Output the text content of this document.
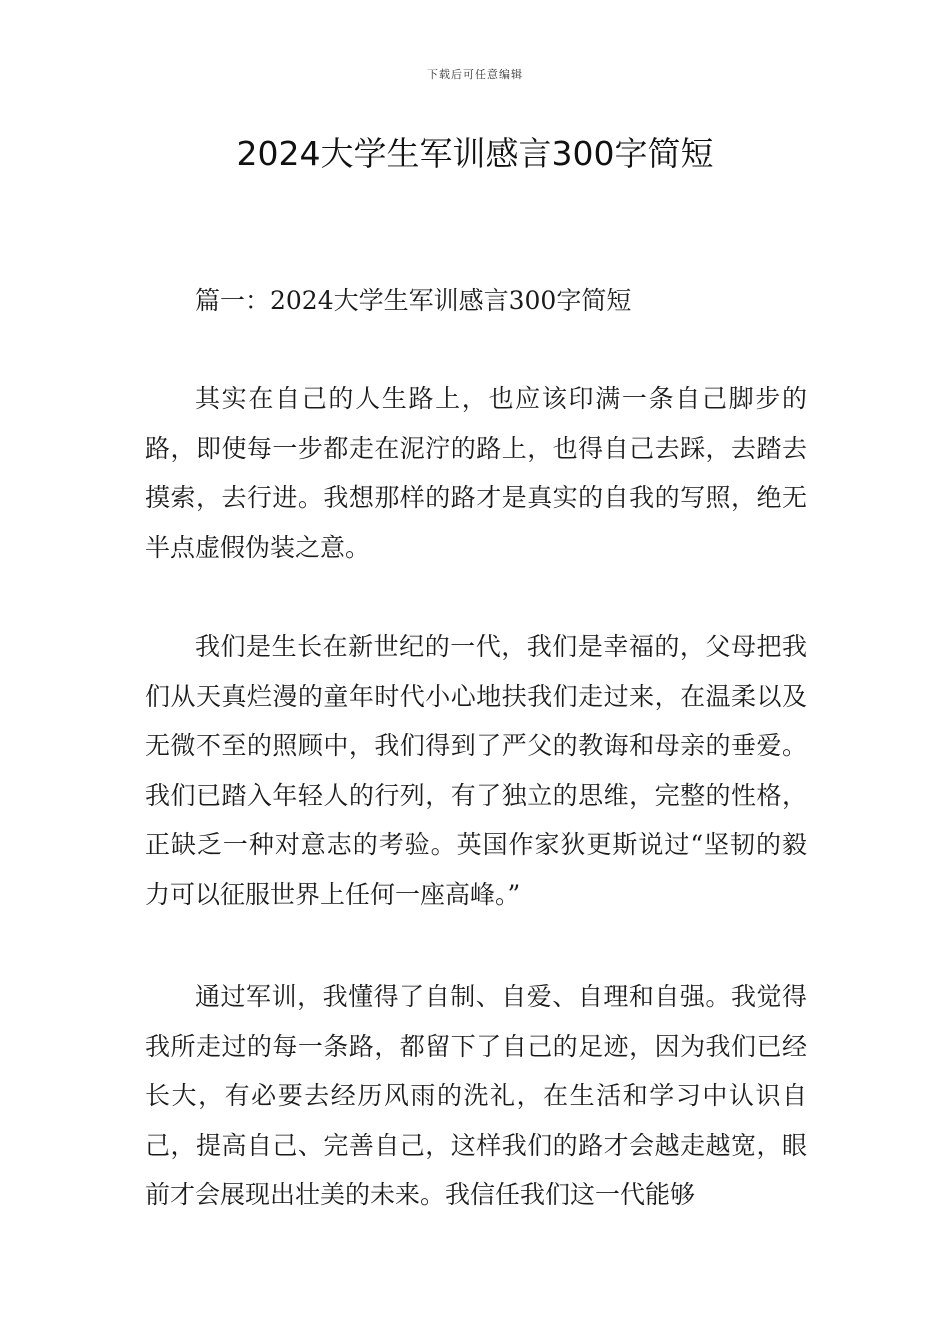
下载后可任意编辑
2024大学生军训感言300字简短

篇一：2024大学生军训感言300字简短

其实在自己的人生路上，也应该印满一条自己脚步的路，即使每一步都走在泥泞的路上，也得自己去踩，去踏去摸索，去行进。我想那样的路才是真实的自我的写照，绝无半点虚假伪装之意。

我们是生长在新世纪的一代，我们是幸福的，父母把我们从天真烂漫的童年时代小心地扶我们走过来，在温柔以及无微不至的照顾中，我们得到了严父的教诲和母亲的垂爱。我们已踏入年轻人的行列，有了独立的思维，完整的性格，正缺乏一种对意志的考验。英国作家狄更斯说过“坚韧的毅力可以征服世界上任何一座高峰。”

通过军训，我懂得了自制、自爱、自理和自强。我觉得我所走过的每一条路，都留下了自己的足迹，因为我们已经长大，有必要去经历风雨的洗礼，在生活和学习中认识自己，提高自己、完善自己，这样我们的路才会越走越宽，眼前才会展现出壮美的未来。我信任我们这一代能够
